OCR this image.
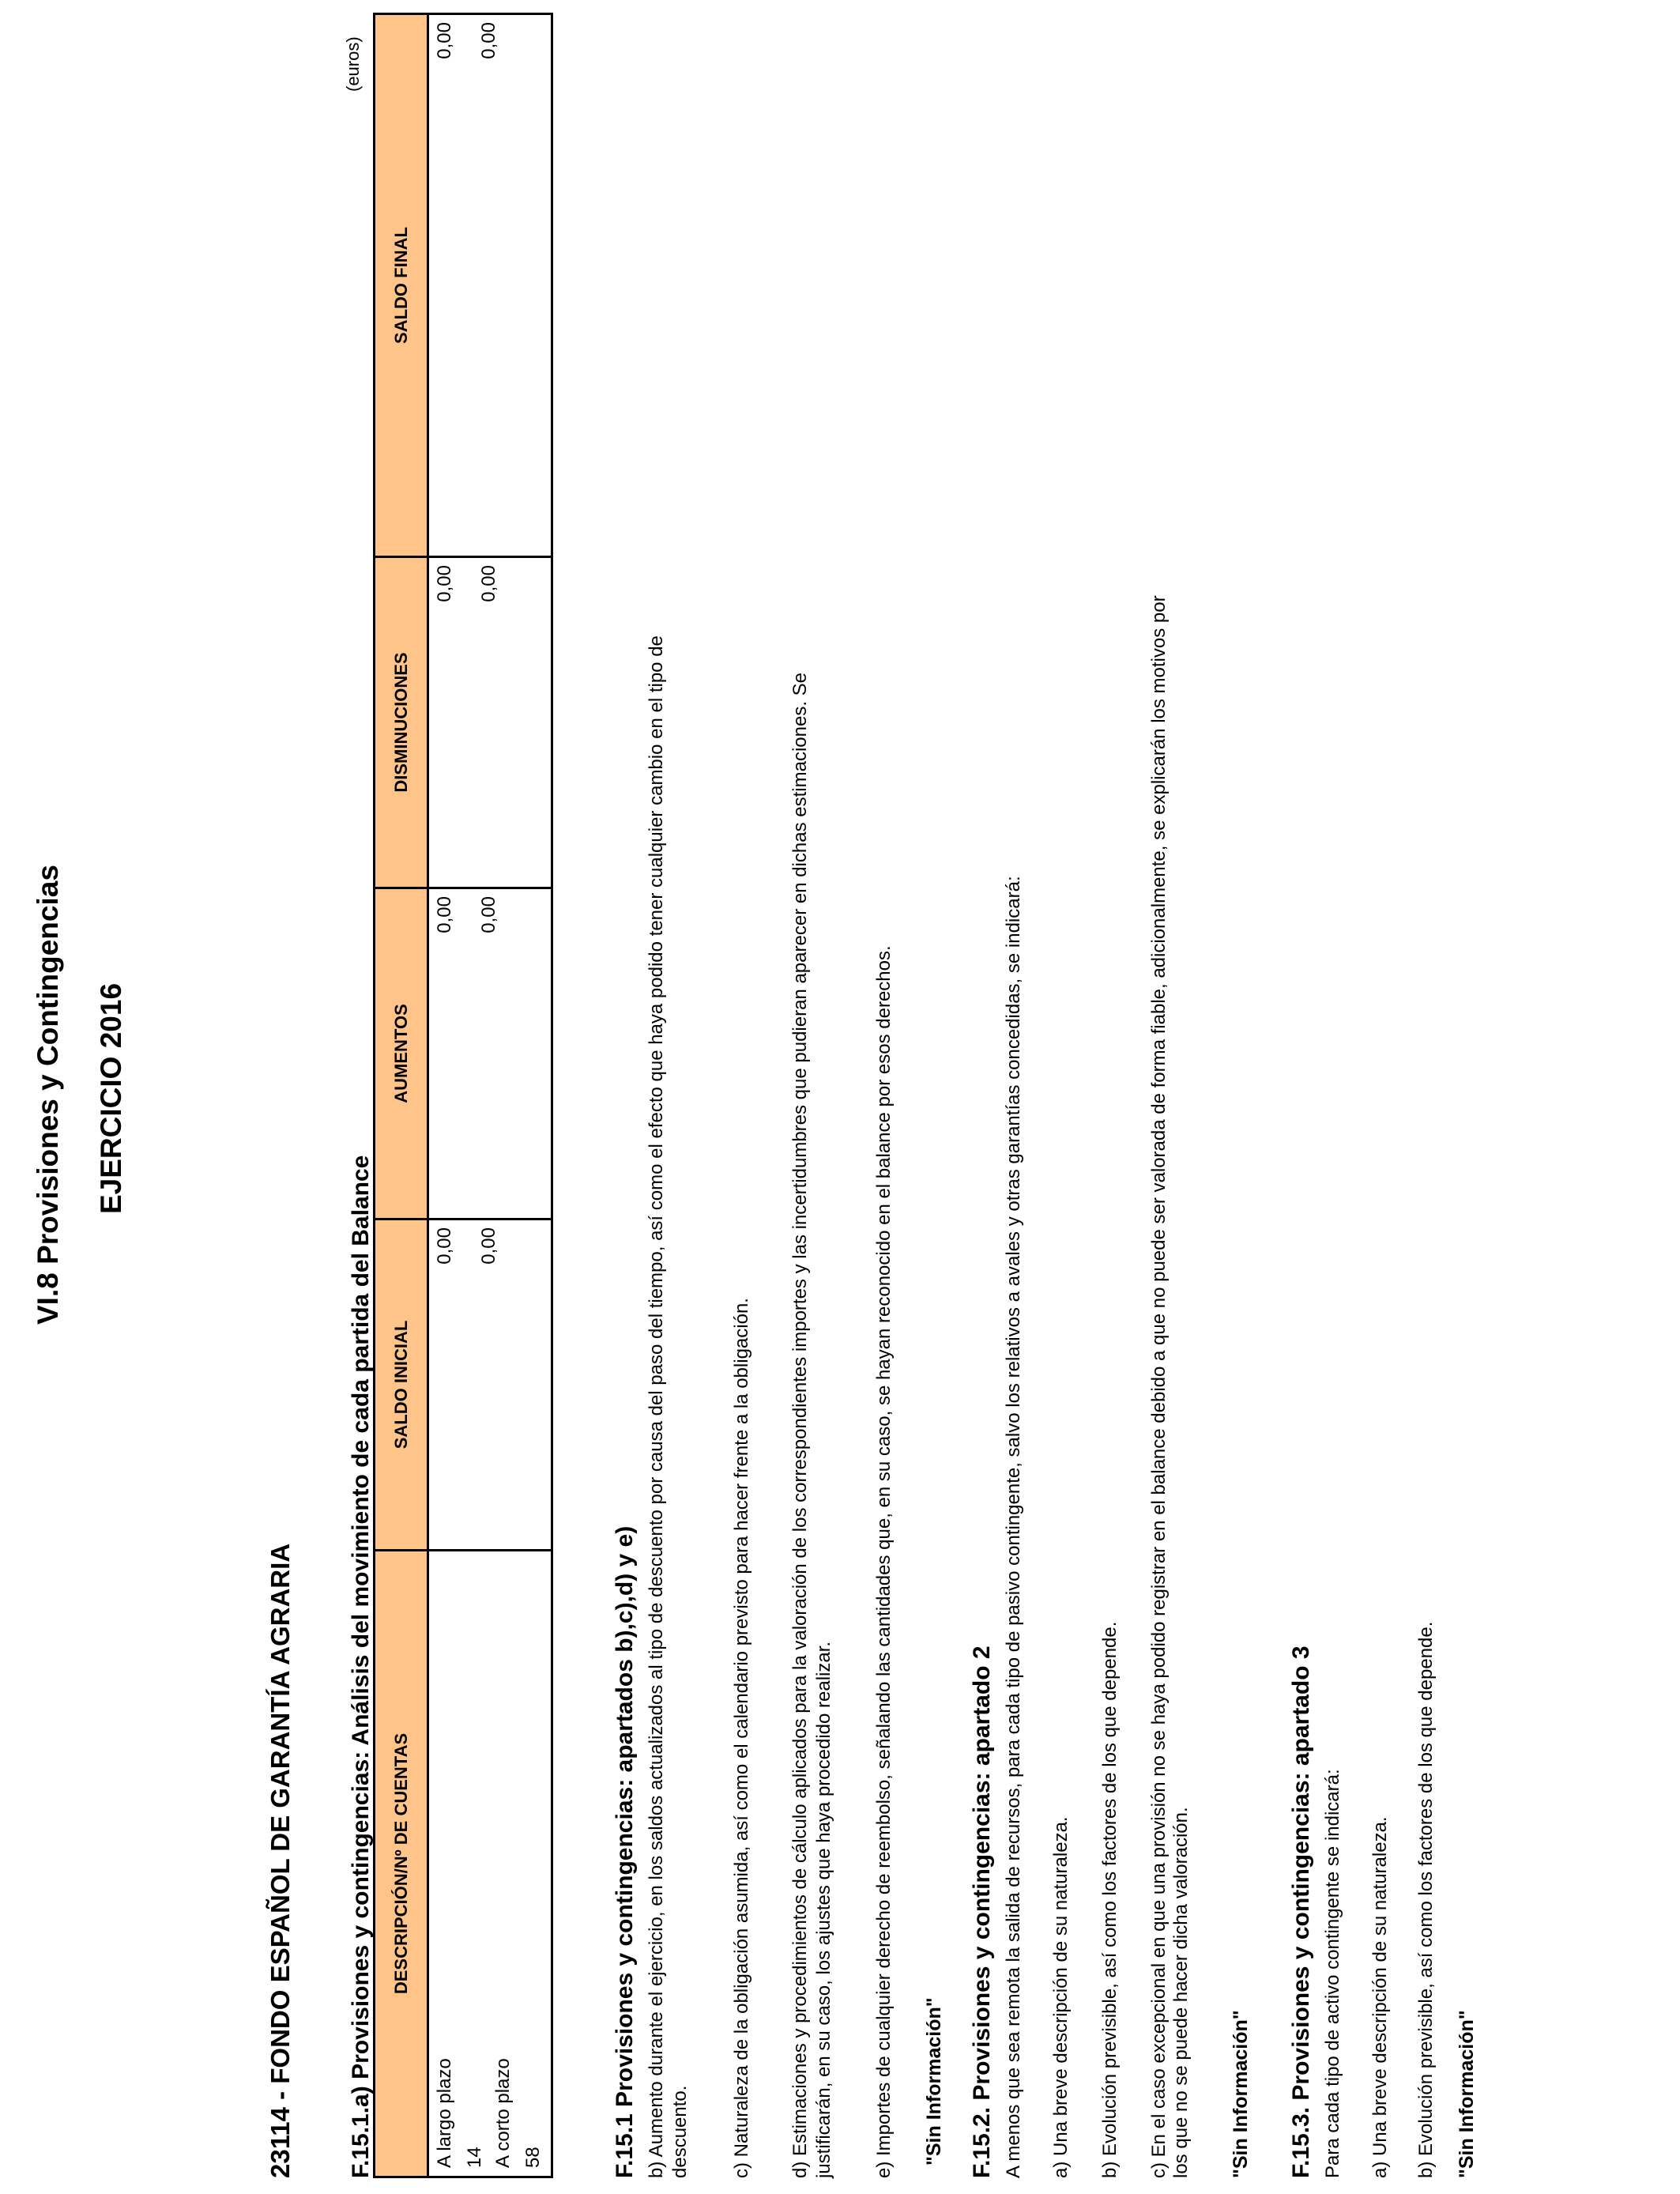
VI.8 Provisiones y Contingencias EJERCICIO 2016
23114 - FONDO ESPAÑOL DE GARANTÍA AGRARIA F.15.1.a) Provisiones y contingencias: Análisis del movimiento de cada partida del Balance
(euros)
DESCRIPCIÓN/Nº DE CUENTAS
SALDO INICIAL
AUMENTOS
DISMINUCIONES
SALDO FINAL
A largo plazo 14
0,00
0,00
0,00
0,00
A corto plazo 58
0,00
0,00
0,00
0,00
F.15.1 Provisiones y contingencias: apartados b),c),d) y e) b) Aumento durante el ejercicio, en los saldos actualizados al tipo de descuento por causa del paso del tiempo, así como el efecto que haya podido tener cualquier cambio en el tipo de descuento. c) Naturaleza de la obligación asumida, así como el calendario previsto para hacer frente a la obligación. d) Estimaciones y procedimientos de cálculo aplicados para la valoración de los correspondientes importes y las incertidumbres que pudieran aparecer en dichas estimaciones. Se justificarán, en su caso, los ajustes que haya procedido realizar. e) Importes de cualquier derecho de reembolso, señalando las cantidades que, en su caso, se hayan reconocido en el balance por esos derechos. "Sin Información" F.15.2. Provisiones y contingencias: apartado 2 A menos que sea remota la salida de recursos, para cada tipo de pasivo contingente, salvo los relativos a avales y otras garantías concedidas, se indicará: a) Una breve descripción de su naturaleza. b) Evolución previsible, así como los factores de los que depende. c) En el caso excepcional en que una provisión no se haya podido registrar en el balance debido a que no puede ser valorada de forma fiable, adicionalmente, se explicarán los motivos por los que no se puede hacer dicha valoración. "Sin Información" F.15.3. Provisiones y contingencias: apartado 3 Para cada tipo de activo contingente se indicará: a) Una breve descripción de su naturaleza. b) Evolución previsible, así como los factores de los que depende. "Sin Información"
